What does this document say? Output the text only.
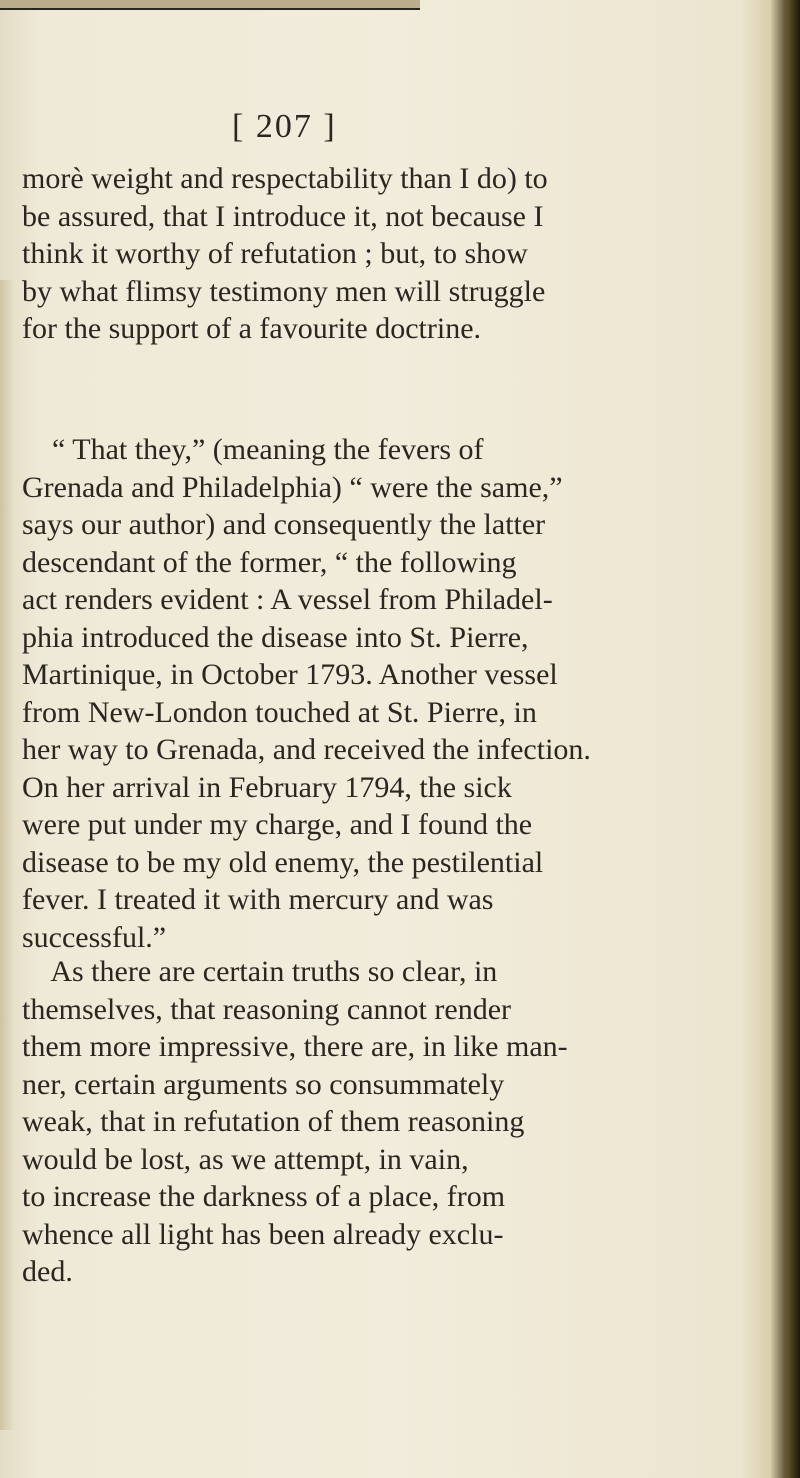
[ 207 ]
morè weight and respectability than I do) to
be assured, that I introduce it, not because I
think it worthy of refutation ; but, to show
by what flimsy testimony men will struggle
for the support of a favourite doctrine.
“ That they,” (meaning the fevers of
Grenada and Philadelphia) “ were the same,”
says our author) and consequently the latter
descendant of the former, “ the following
act renders evident : A vessel from Philadel-
phia introduced the disease into St. Pierre,
Martinique, in October 1793. Another vessel
from New-London touched at St. Pierre, in
her way to Grenada, and received the infection.
On her arrival in February 1794, the sick
were put under my charge, and I found the
disease to be my old enemy, the pestilential
fever. I treated it with mercury and was
successful.”
As there are certain truths so clear, in
themselves, that reasoning cannot render
them more impressive, there are, in like man-
ner, certain arguments so consummately
weak, that in refutation of them reasoning
would be lost, as we attempt, in vain,
to increase the darkness of a place, from
whence all light has been already exclu-
ded.
